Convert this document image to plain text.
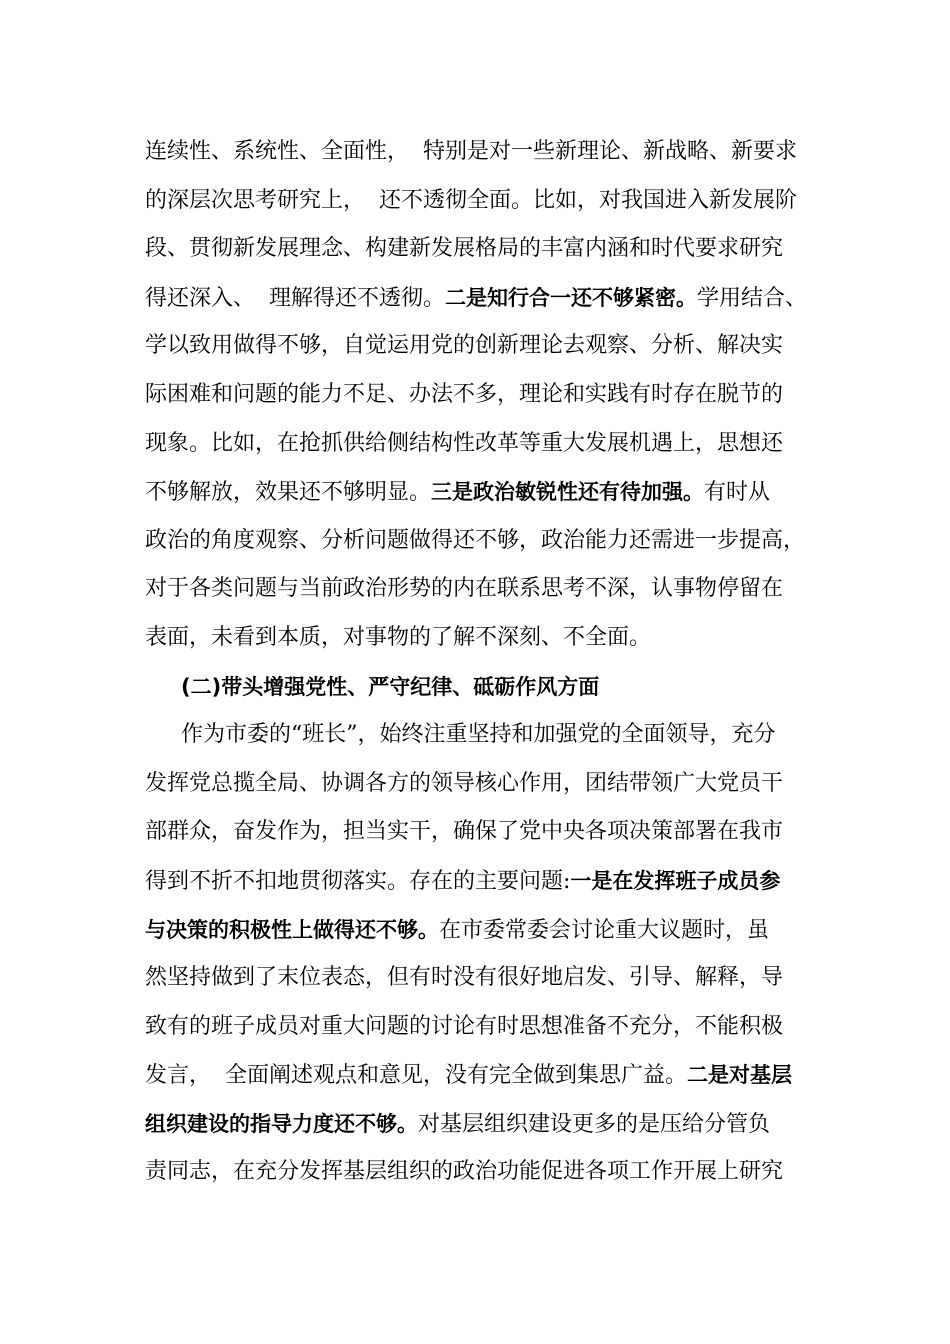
连续性、系统性、全面性，  特别是对一些新理论、新战略、新要求
的深层次思考研究上，  还不透彻全面。比如，对我国进入新发展阶
段、贯彻新发展理念、构建新发展格局的丰富内涵和时代要求研究
得还深入、  理解得还不透彻。二是知行合一还不够紧密。学用结合、
学以致用做得不够，自觉运用党的创新理论去观察、分析、解决实
际困难和问题的能力不足、办法不多，理论和实践有时存在脱节的
现象。比如，在抢抓供给侧结构性改革等重大发展机遇上，思想还
不够解放，效果还不够明显。三是政治敏锐性还有待加强。有时从
政治的角度观察、分析问题做得还不够，政治能力还需进一步提高，
对于各类问题与当前政治形势的内在联系思考不深，认事物停留在
表面，未看到本质，对事物的了解不深刻、不全面。
(二)带头增强党性、严守纪律、砥砺作风方面
作为市委的“班长”，始终注重坚持和加强党的全面领导，充分
发挥党总揽全局、协调各方的领导核心作用，团结带领广大党员干
部群众，奋发作为，担当实干，确保了党中央各项决策部署在我市
得到不折不扣地贯彻落实。存在的主要问题:一是在发挥班子成员参
与决策的积极性上做得还不够。在市委常委会讨论重大议题时，虽
然坚持做到了末位表态，但有时没有很好地启发、引导、解释，导
致有的班子成员对重大问题的讨论有时思想准备不充分，不能积极
发言，  全面阐述观点和意见，没有完全做到集思广益。二是对基层
组织建设的指导力度还不够。对基层组织建设更多的是压给分管负
责同志，在充分发挥基层组织的政治功能促进各项工作开展上研究
